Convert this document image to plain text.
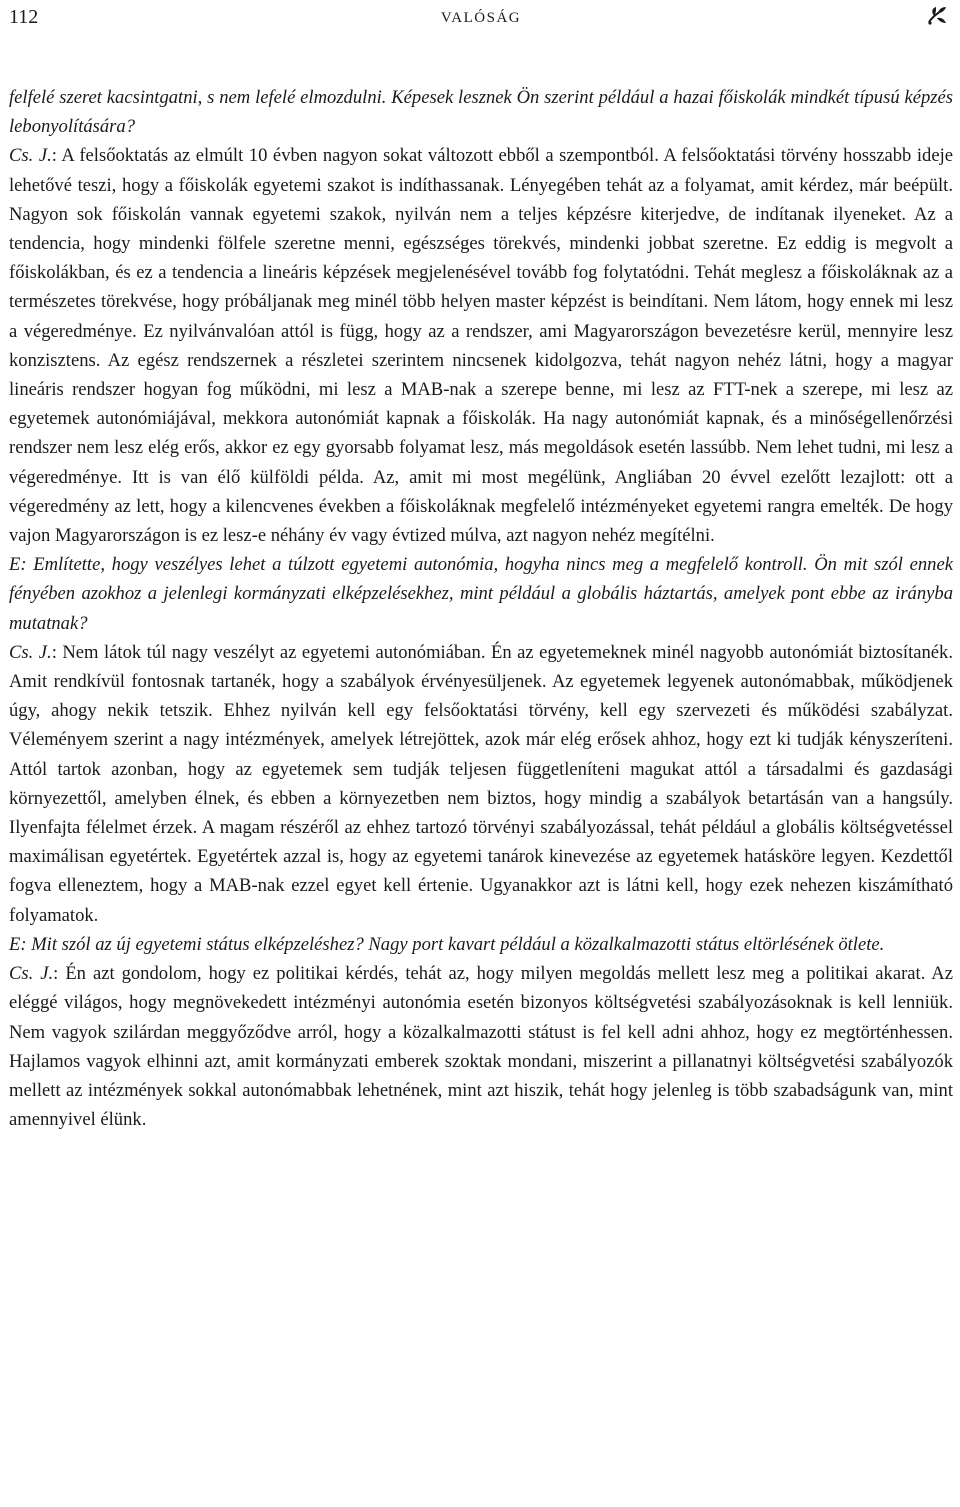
112	VALÓSÁG

felfelé szeret kacsintgatni, s nem lefelé elmozdulni. Képesek lesznek Ön szerint például a hazai főiskolák mindkét típusú képzés lebonyolítására?

Cs. J.: A felsőoktatás az elmúlt 10 évben nagyon sokat változott ebből a szempontból. A felsőoktatási törvény hosszabb ideje lehetővé teszi, hogy a főiskolák egyetemi szakot is indíthassanak. Lényegében tehát az a folyamat, amit kérdez, már beépült. Nagyon sok főiskolán vannak egyetemi szakok, nyilván nem a teljes képzésre kiterjedve, de indítanak ilyeneket. Az a tendencia, hogy mindenki fölfele szeretne menni, egészséges törekvés, mindenki jobbat szeretne. Ez eddig is megvolt a főiskolákban, és ez a tendencia a lineáris képzések megjelenésével tovább fog folytatódni. Tehát meglesz a főiskoláknak az a természetes törekvése, hogy próbáljanak meg minél több helyen master képzést is beindítani. Nem látom, hogy ennek mi lesz a végeredménye. Ez nyilvánvalóan attól is függ, hogy az a rendszer, ami Magyarországon bevezetésre kerül, mennyire lesz konzisztens. Az egész rendszernek a részletei szerintem nincsenek kidolgozva, tehát nagyon nehéz látni, hogy a magyar lineáris rendszer hogyan fog működni, mi lesz a MAB-nak a szerepe benne, mi lesz az FTT-nek a szerepe, mi lesz az egyetemek autonómiájával, mekkora autonómiát kapnak a főiskolák. Ha nagy autonómiát kapnak, és a minőségellenőrzési rendszer nem lesz elég erős, akkor ez egy gyorsabb folyamat lesz, más megoldások esetén lassúbb. Nem lehet tudni, mi lesz a végeredménye. Itt is van élő külföldi példa. Az, amit mi most megélünk, Angliában 20 évvel ezelőtt lezajlott: ott a végeredmény az lett, hogy a kilencvenes években a főiskoláknak megfelelő intézményeket egyetemi rangra emelték. De hogy vajon Magyarországon is ez lesz-e néhány év vagy évtized múlva, azt nagyon nehéz megítélni.

E: Említette, hogy veszélyes lehet a túlzott egyetemi autonómia, hogyha nincs meg a megfelelő kontroll. Ön mit szól ennek fényében azokhoz a jelenlegi kormányzati elképzelésekhez, mint például a globális háztartás, amelyek pont ebbe az irányba mutatnak?

Cs. J.: Nem látok túl nagy veszélyt az egyetemi autonómiában. Én az egyetemeknek minél nagyobb autonómiát biztosítanék. Amit rendkívül fontosnak tartanék, hogy a szabályok érvényesüljenek. Az egyetemek legyenek autonómabbak, működjenek úgy, ahogy nekik tetszik. Ehhez nyilván kell egy felsőoktatási törvény, kell egy szervezeti és működési szabályzat. Véleményem szerint a nagy intézmények, amelyek létrejöttek, azok már elég erősek ahhoz, hogy ezt ki tudják kényszeríteni. Attól tartok azonban, hogy az egyetemek sem tudják teljesen függetleníteni magukat attól a társadalmi és gazdasági környezettől, amelyben élnek, és ebben a környezetben nem biztos, hogy mindig a szabályok betartásán van a hangsúly. Ilyenfajta félelmet érzek. A magam részéről az ehhez tartozó törvényi szabályozással, tehát például a globális költségvetéssel maximálisan egyetértek. Egyetértek azzal is, hogy az egyetemi tanárok kinevezése az egyetemek hatásköre legyen. Kezdettől fogva elleneztem, hogy a MAB-nak ezzel egyet kell értenie. Ugyanakkor azt is látni kell, hogy ezek nehezen kiszámítható folyamatok.

E: Mit szól az új egyetemi státus elképzeléshez? Nagy port kavart például a közalkalmazotti státus eltörlésének ötlete.

Cs. J.: Én azt gondolom, hogy ez politikai kérdés, tehát az, hogy milyen megoldás mellett lesz meg a politikai akarat. Az eléggé világos, hogy megnövekedett intézményi autonómia esetén bizonyos költségvetési szabályozásoknak is kell lenniük. Nem vagyok szilárdan meggyőződve arról, hogy a közalkalmazotti státust is fel kell adni ahhoz, hogy ez megtörténhessen. Hajlamos vagyok elhinni azt, amit kormányzati emberek szoktak mondani, miszerint a pillanatnyi költségvetési szabályozók mellett az intézmények sokkal autonómabbak lehetnének, mint azt hiszik, tehát hogy jelenleg is több szabadságunk van, mint amennyivel élünk.
